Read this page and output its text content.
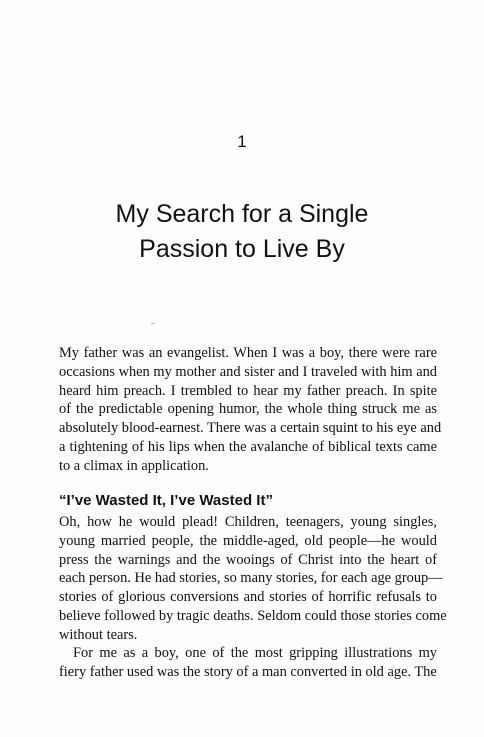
1
My Search for a Single
Passion to Live By
My father was an evangelist. When I was a boy, there were rare
occasions when my mother and sister and I traveled with him and
heard him preach. I trembled to hear my father preach. In spite
of the predictable opening humor, the whole thing struck me as
absolutely blood-earnest. There was a certain squint to his eye and
a tightening of his lips when the avalanche of biblical texts came
to a climax in application.
“I’ve Wasted It, I’ve Wasted It”
Oh, how he would plead! Children, teenagers, young singles,
young married people, the middle-aged, old people—he would
press the warnings and the wooings of Christ into the heart of
each person. He had stories, so many stories, for each age group—
stories of glorious conversions and stories of horrific refusals to
believe followed by tragic deaths. Seldom could those stories come
without tears.
For me as a boy, one of the most gripping illustrations my
fiery father used was the story of a man converted in old age. The
